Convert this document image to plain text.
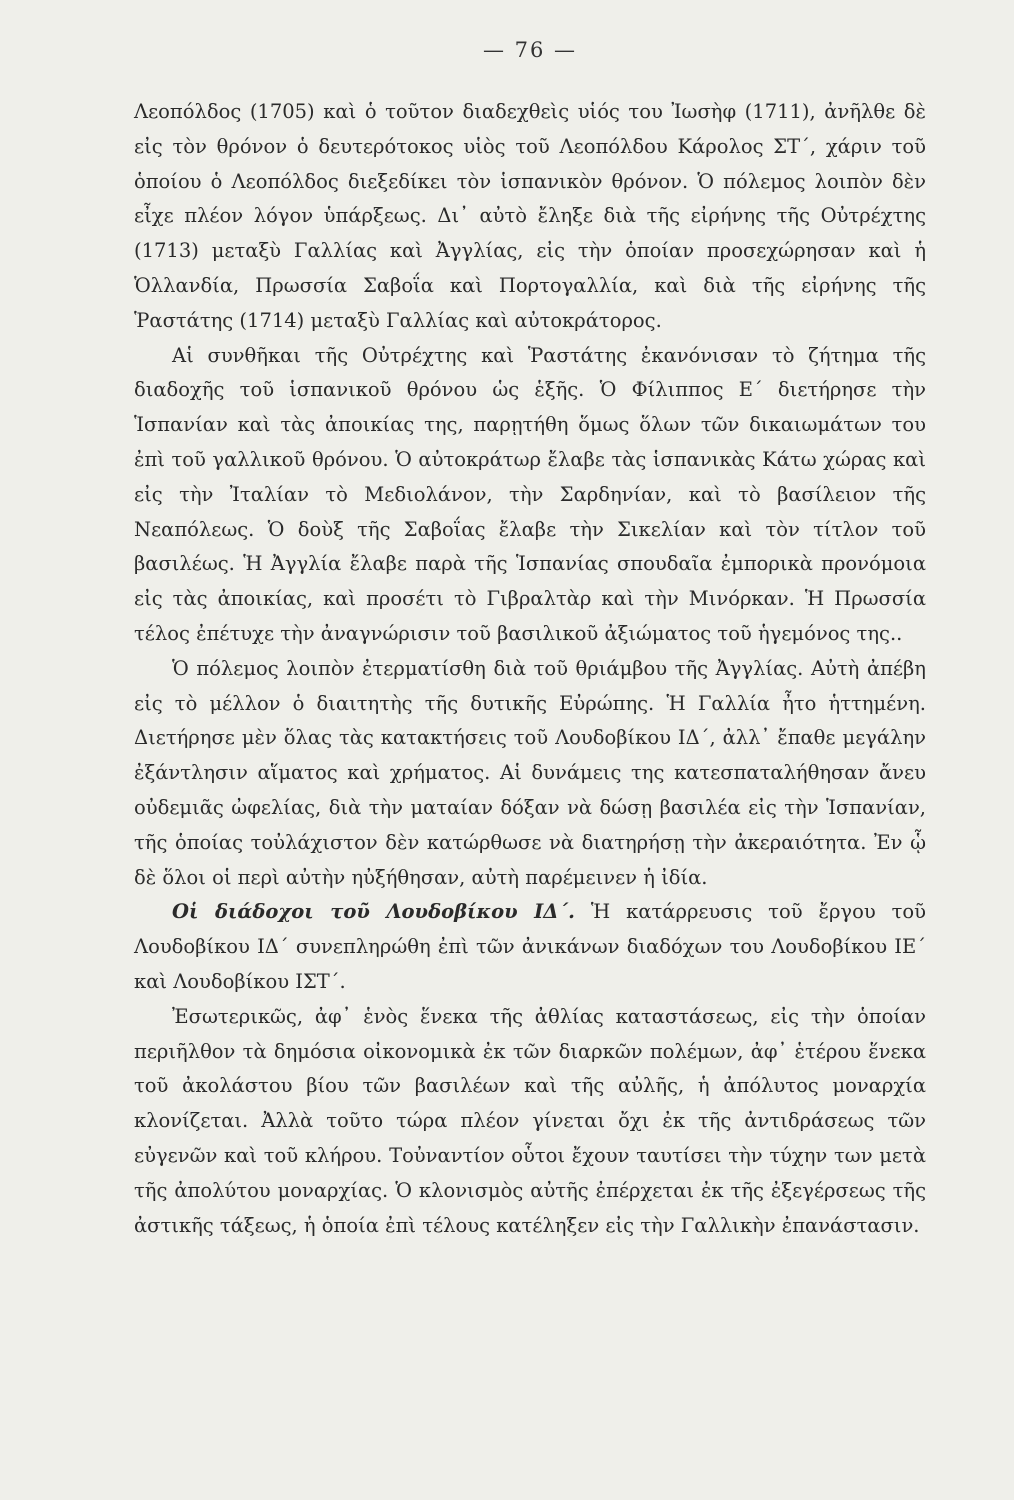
— 76 —

Λεοπόλδος (1705) καὶ ὁ τοῦτον διαδεχθεὶς υἱός του Ἰωσὴφ (1711), ἀνῆλθε δὲ εἰς τὸν θρόνον ὁ δευτερότοκος υἱὸς τοῦ Λεοπόλδου Κάρολος ΣΤ΄, χάριν τοῦ ὁποίου ὁ Λεοπόλδος διεξεδίκει τὸν ἱσπανικὸν θρόνον. Ὁ πόλεμος λοιπὸν δὲν εἶχε πλέον λόγον ὑπάρξεως. Δι᾿ αὐτὸ ἔληξε διὰ τῆς εἰρήνης τῆς Οὐτρέχτης (1713) μεταξὺ Γαλλίας καὶ Ἀγγλίας, εἰς τὴν ὁποίαν προσεχώρησαν καὶ ἡ Ὁλλανδία, Πρωσσία Σαβοΐα καὶ Πορτογαλλία, καὶ διὰ τῆς εἰρήνης τῆς Ῥαστάτης (1714) μεταξὺ Γαλλίας καὶ αὐτοκράτορος.

Αἱ συνθῆκαι τῆς Οὐτρέχτης καὶ Ῥαστάτης ἐκανόνισαν τὸ ζήτημα τῆς διαδοχῆς τοῦ ἱσπανικοῦ θρόνου ὡς ἑξῆς. Ὁ Φίλιππος Ε΄ διετήρησε τὴν Ἱσπανίαν καὶ τὰς ἀποικίας της, παρῃτήθη ὅμως ὅλων τῶν δικαιωμάτων του ἐπὶ τοῦ γαλλικοῦ θρόνου. Ὁ αὐτοκράτωρ ἔλαβε τὰς ἱσπανικὰς Κάτω χώρας καὶ εἰς τὴν Ἰταλίαν τὸ Μεδιολάνον, τὴν Σαρδηνίαν, καὶ τὸ βασίλειον τῆς Νεαπόλεως. Ὁ δοὺξ τῆς Σαβοΐας ἔλαβε τὴν Σικελίαν καὶ τὸν τίτλον τοῦ βασιλέως. Ἡ Ἀγγλία ἔλαβε παρὰ τῆς Ἱσπανίας σπουδαῖα ἐμπορικὰ προνόμοια εἰς τὰς ἀποικίας, καὶ προσέτι τὸ Γιβραλτὰρ καὶ τὴν Μινόρκαν. Ἡ Πρωσσία τέλος ἐπέτυχε τὴν ἀναγνώρισιν τοῦ βασιλικοῦ ἀξιώματος τοῦ ἡγεμόνος της..

Ὁ πόλεμος λοιπὸν ἐτερματίσθη διὰ τοῦ θριάμβου τῆς Ἀγγλίας. Αὐτὴ ἀπέβη εἰς τὸ μέλλον ὁ διαιτητὴς τῆς δυτικῆς Εὐρώπης. Ἡ Γαλλία ἦτο ἡττημένη. Διετήρησε μὲν ὅλας τὰς κατακτήσεις τοῦ Λουδοβίκου ΙΔ΄, ἀλλ᾿ ἔπαθε μεγάλην ἐξάντλησιν αἵματος καὶ χρήματος. Αἱ δυνάμεις της κατεσπαταλήθησαν ἄνευ οὐδεμιᾶς ὠφελίας, διὰ τὴν ματαίαν δόξαν νὰ δώσῃ βασιλέα εἰς τὴν Ἱσπανίαν, τῆς ὁποίας τοὐλάχιστον δὲν κατώρθωσε νὰ διατηρήσῃ τὴν ἀκεραιότητα. Ἐν ᾧ δὲ ὅλοι οἱ περὶ αὐτὴν ηὐξήθησαν, αὐτὴ παρέμεινεν ἡ ἰδία.

Οἱ διάδοχοι τοῦ Λουδοβίκου ΙΔ΄. Ἡ κατάρρευσις τοῦ ἔργου τοῦ Λουδοβίκου ΙΔ΄ συνεπληρώθη ἐπὶ τῶν ἀνικάνων διαδόχων του Λουδοβίκου ΙΕ΄ καὶ Λουδοβίκου ΙΣΤ΄.

Ἐσωτερικῶς, ἀφ᾿ ἑνὸς ἕνεκα τῆς ἀθλίας καταστάσεως, εἰς τὴν ὁποίαν περιῆλθον τὰ δημόσια οἰκονομικὰ ἐκ τῶν διαρκῶν πολέμων, ἀφ᾿ ἑτέρου ἕνεκα τοῦ ἀκολάστου βίου τῶν βασιλέων καὶ τῆς αὐλῆς, ἡ ἀπόλυτος μοναρχία κλονίζεται. Ἀλλὰ τοῦτο τώρα πλέον γίνεται ὄχι ἐκ τῆς ἀντιδράσεως τῶν εὐγενῶν καὶ τοῦ κλήρου. Τοὐναντίον οὗτοι ἔχουν ταυτίσει τὴν τύχην των μετὰ τῆς ἀπολύτου μοναρχίας. Ὁ κλονισμὸς αὐτῆς ἐπέρχεται ἐκ τῆς ἐξεγέρσεως τῆς ἀστικῆς τάξεως, ἡ ὁποία ἐπὶ τέλους κατέληξεν εἰς τὴν Γαλλικὴν ἐπανάστασιν.
